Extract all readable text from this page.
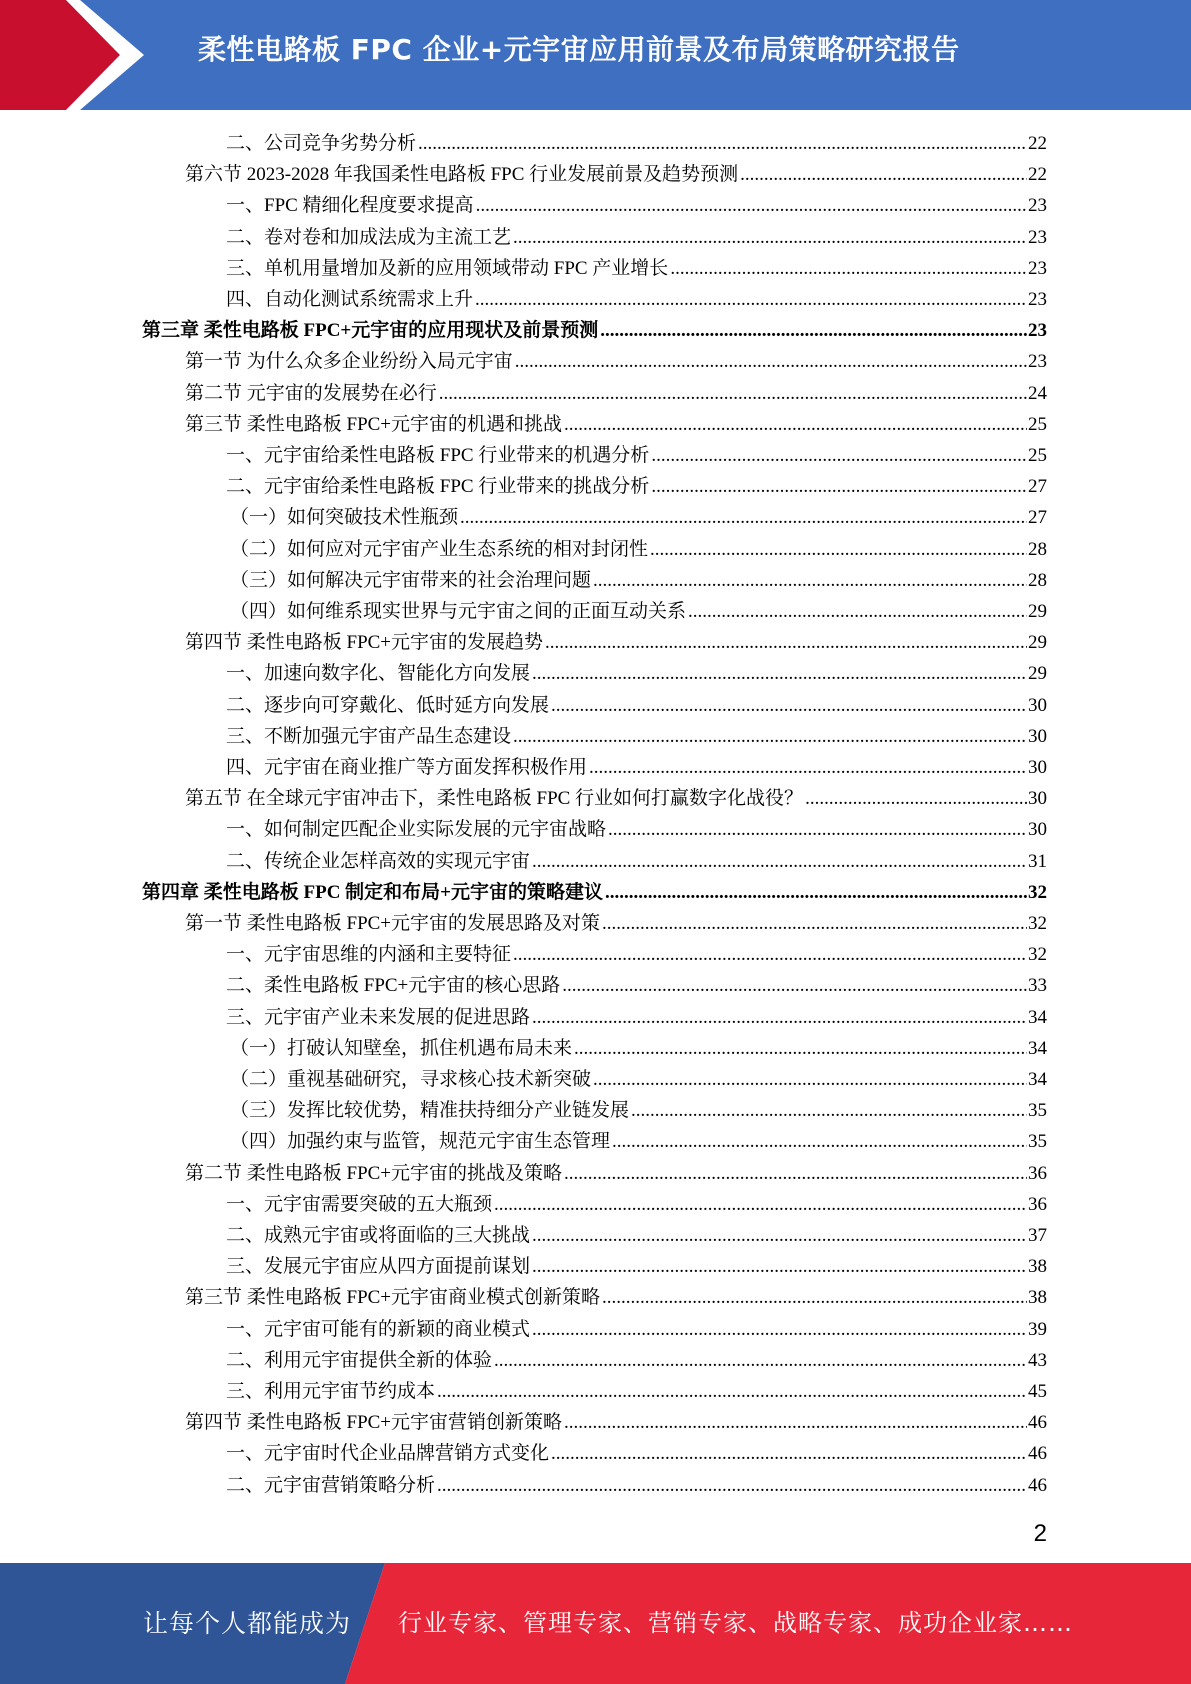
柔性电路板 FPC 企业+元宇宙应用前景及布局策略研究报告
二、公司竞争劣势分析 .....	22
第六节 2023-2028 年我国柔性电路板 FPC 行业发展前景及趋势预测 .....	22
一、FPC 精细化程度要求提高 .....	23
二、卷对卷和加成法成为主流工艺 .....	23
三、单机用量增加及新的应用领域带动 FPC 产业增长 .....	23
四、自动化测试系统需求上升 .....	23
第三章 柔性电路板 FPC+元宇宙的应用现状及前景预测 .....	23
第一节 为什么众多企业纷纷入局元宇宙 .....	23
第二节 元宇宙的发展势在必行 .....	24
第三节 柔性电路板 FPC+元宇宙的机遇和挑战 .....	25
一、元宇宙给柔性电路板 FPC 行业带来的机遇分析 .....	25
二、元宇宙给柔性电路板 FPC 行业带来的挑战分析 .....	27
（一）如何突破技术性瓶颈 .....	27
（二）如何应对元宇宙产业生态系统的相对封闭性 .....	28
（三）如何解决元宇宙带来的社会治理问题 .....	28
（四）如何维系现实世界与元宇宙之间的正面互动关系 .....	29
第四节 柔性电路板 FPC+元宇宙的发展趋势 .....	29
一、加速向数字化、智能化方向发展 .....	29
二、逐步向可穿戴化、低时延方向发展 .....	30
三、不断加强元宇宙产品生态建设 .....	30
四、元宇宙在商业推广等方面发挥积极作用 .....	30
第五节 在全球元宇宙冲击下，柔性电路板 FPC 行业如何打赢数字化战役？ .....	30
一、如何制定匹配企业实际发展的元宇宙战略 .....	30
二、传统企业怎样高效的实现元宇宙 .....	31
第四章 柔性电路板 FPC 制定和布局+元宇宙的策略建议 .....	32
第一节 柔性电路板 FPC+元宇宙的发展思路及对策 .....	32
一、元宇宙思维的内涵和主要特征 .....	32
二、柔性电路板 FPC+元宇宙的核心思路 .....	33
三、元宇宙产业未来发展的促进思路 .....	34
（一）打破认知壁垒，抓住机遇布局未来 .....	34
（二）重视基础研究，寻求核心技术新突破 .....	34
（三）发挥比较优势，精准扶持细分产业链发展 .....	35
（四）加强约束与监管，规范元宇宙生态管理 .....	35
第二节 柔性电路板 FPC+元宇宙的挑战及策略 .....	36
一、元宇宙需要突破的五大瓶颈 .....	36
二、成熟元宇宙或将面临的三大挑战 .....	37
三、发展元宇宙应从四方面提前谋划 .....	38
第三节 柔性电路板 FPC+元宇宙商业模式创新策略 .....	38
一、元宇宙可能有的新颖的商业模式 .....	39
二、利用元宇宙提供全新的体验 .....	43
三、利用元宇宙节约成本 .....	45
第四节 柔性电路板 FPC+元宇宙营销创新策略 .....	46
一、元宇宙时代企业品牌营销方式变化 .....	46
二、元宇宙营销策略分析 .....	46
2
让每个人都能成为 行业专家、管理专家、营销专家、战略专家、成功企业家……
